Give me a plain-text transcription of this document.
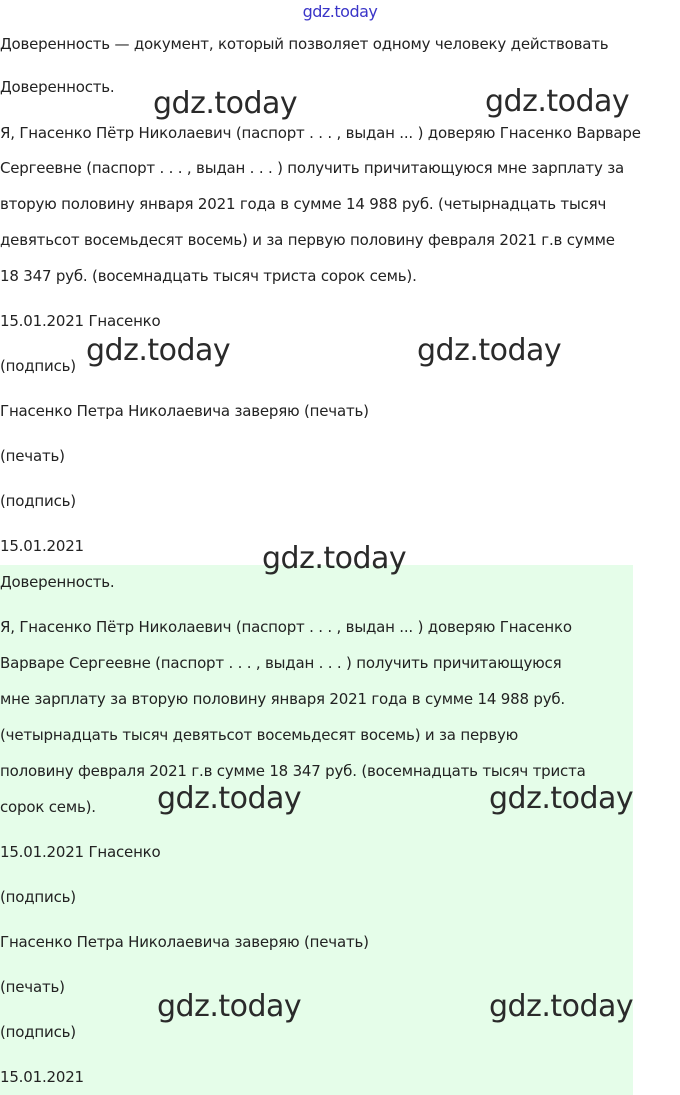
gdz.today
Доверенность — документ, который позволяет одному человеку действовать
Доверенность.
Я, Гнасенко Пётр Николаевич (паспорт . . . , выдан ... ) доверяю Гнасенко Варваре
Сергеевне (паспорт . . . , выдан . . . ) получить причитающуюся мне зарплату за
вторую половину января 2021 года в сумме 14 988 руб. (четырнадцать тысяч
девятьсот восемьдесят восемь) и за первую половину февраля 2021 г.в сумме
18 347 руб. (восемнадцать тысяч триста сорок семь).
15.01.2021 Гнасенко
(подпись)
Гнасенко Петра Николаевича заверяю (печать)
(печать)
(подпись)
15.01.2021
Доверенность.
Я, Гнасенко Пётр Николаевич (паспорт . . . , выдан ... ) доверяю Гнасенко
Варваре Сергеевне (паспорт . . . , выдан . . . ) получить причитающуюся
мне зарплату за вторую половину января 2021 года в сумме 14 988 руб.
(четырнадцать тысяч девятьсот восемьдесят восемь) и за первую
половину февраля 2021 г.в сумме 18 347 руб. (восемнадцать тысяч триста
сорок семь).
15.01.2021 Гнасенко
(подпись)
Гнасенко Петра Николаевича заверяю (печать)
(печать)
(подпись)
15.01.2021
gdz.today	gdz.today
gdz.today	gdz.today
gdz.today
gdz.today	gdz.today
gdz.today	gdz.today
